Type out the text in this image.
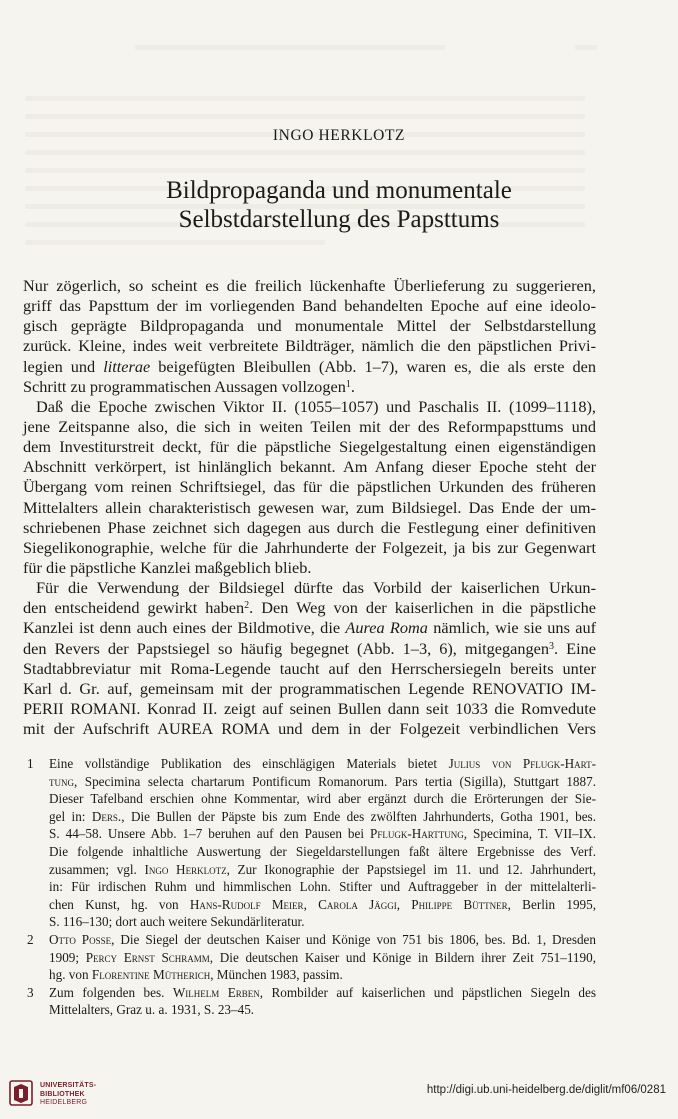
INGO HERKLOTZ
Bildpropaganda und monumentale
Selbstdarstellung des Papsttums
Nur zögerlich, so scheint es die freilich lückenhafte Überlieferung zu suggerieren,
griff das Papsttum der im vorliegenden Band behandelten Epoche auf eine ideolo-
gisch geprägte Bildpropaganda und monumentale Mittel der Selbstdarstellung
zurück. Kleine, indes weit verbreitete Bildträger, nämlich die den päpstlichen Privi-
legien und litterae beigefügten Bleibullen (Abb. 1–7), waren es, die als erste den
Schritt zu programmatischen Aussagen vollzogen$^1$.
Daß die Epoche zwischen Viktor II. (1055–1057) und Paschalis II. (1099–1118),
jene Zeitspanne also, die sich in weiten Teilen mit der des Reformpapsttums und
dem Investiturstreit deckt, für die päpstliche Siegelgestaltung einen eigenständigen
Abschnitt verkörpert, ist hinlänglich bekannt. Am Anfang dieser Epoche steht der
Übergang vom reinen Schriftsiegel, das für die päpstlichen Urkunden des früheren
Mittelalters allein charakteristisch gewesen war, zum Bildsiegel. Das Ende der um-
schriebenen Phase zeichnet sich dagegen aus durch die Festlegung einer definitiven
Siegelikonographie, welche für die Jahrhunderte der Folgezeit, ja bis zur Gegenwart
für die päpstliche Kanzlei maßgeblich blieb.
Für die Verwendung der Bildsiegel dürfte das Vorbild der kaiserlichen Urkun-
den entscheidend gewirkt haben$^2$. Den Weg von der kaiserlichen in die päpstliche
Kanzlei ist denn auch eines der Bildmotive, die Aurea Roma nämlich, wie sie uns auf
den Revers der Papstsiegel so häufig begegnet (Abb. 1–3, 6), mitgegangen$^3$. Eine
Stadtabbreviatur mit Roma-Legende taucht auf den Herrschersiegeln bereits unter
Karl d. Gr. auf, gemeinsam mit der programmatischen Legende RENOVATIO IM-
PERII ROMANI. Konrad II. zeigt auf seinen Bullen dann seit 1033 die Romvedute
mit der Aufschrift AUREA ROMA und dem in der Folgezeit verbindlichen Vers
1 Eine vollständige Publikation des einschlägigen Materials bietet Julius von Pflugk-Hart-
tung, Specimina selecta chartarum Pontificum Romanorum. Pars tertia (Sigilla), Stuttgart 1887.
Dieser Tafelband erschien ohne Kommentar, wird aber ergänzt durch die Erörterungen der Sie-
gel in: Ders., Die Bullen der Päpste bis zum Ende des zwölften Jahrhunderts, Gotha 1901, bes.
S. 44–58. Unsere Abb. 1–7 beruhen auf den Pausen bei Pflugk-Harttung, Specimina, T. VII–IX.
Die folgende inhaltliche Auswertung der Siegeldarstellungen faßt ältere Ergebnisse des Verf.
zusammen; vgl. Ingo Herklotz, Zur Ikonographie der Papstsiegel im 11. und 12. Jahrhundert,
in: Für irdischen Ruhm und himmlischen Lohn. Stifter und Auftraggeber in der mittelalterli-
chen Kunst, hg. von Hans-Rudolf Meier, Carola Jäggi, Philippe Büttner, Berlin 1995,
S. 116–130; dort auch weitere Sekundärliteratur.
2 Otto Posse, Die Siegel der deutschen Kaiser und Könige von 751 bis 1806, bes. Bd. 1, Dresden
1909; Percy Ernst Schramm, Die deutschen Kaiser und Könige in Bildern ihrer Zeit 751–1190,
hg. von Florentine Mütherich, München 1983, passim.
3 Zum folgenden bes. Wilhelm Erben, Rombilder auf kaiserlichen und päpstlichen Siegeln des
Mittelalters, Graz u. a. 1931, S. 23–45.
UNIVERSITÄTS-
BIBLIOTHEK
HEIDELBERG
http://digi.ub.uni-heidelberg.de/diglit/mf06/0281
